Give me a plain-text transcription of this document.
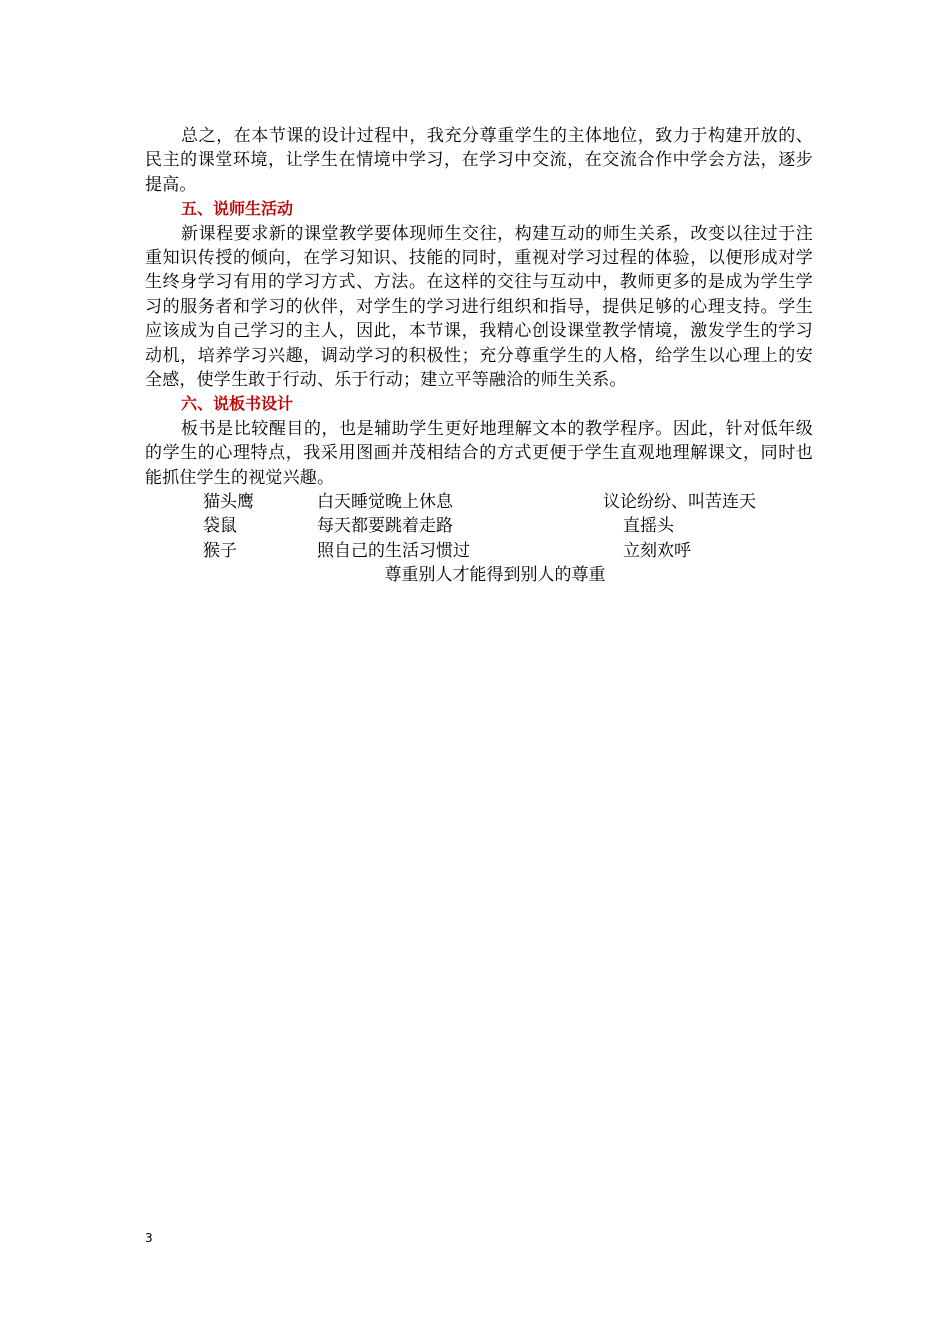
总之，在本节课的设计过程中，我充分尊重学生的主体地位，致力于构建开放的、民主的课堂环境，让学生在情境中学习，在学习中交流，在交流合作中学会方法，逐步提高。

五、说师生活动

新课程要求新的课堂教学要体现师生交往，构建互动的师生关系，改变以往过于注重知识传授的倾向，在学习知识、技能的同时，重视对学习过程的体验，以便形成对学生终身学习有用的学习方式、方法。在这样的交往与互动中，教师更多的是成为学生学习的服务者和学习的伙伴，对学生的学习进行组织和指导，提供足够的心理支持。学生应该成为自己学习的主人，因此，本节课，我精心创设课堂教学情境，激发学生的学习动机，培养学习兴趣，调动学习的积极性；充分尊重学生的人格，给学生以心理上的安全感，使学生敢于行动、乐于行动；建立平等融洽的师生关系。

六、说板书设计

板书是比较醒目的，也是辅助学生更好地理解文本的教学程序。因此，针对低年级的学生的心理特点，我采用图画并茂相结合的方式更便于学生直观地理解课文，同时也能抓住学生的视觉兴趣。

猫头鹰	白天睡觉晚上休息	议论纷纷、叫苦连天
袋鼠	每天都要跳着走路	直摇头
猴子	照自己的生活习惯过	立刻欢呼
尊重别人才能得到别人的尊重
3
